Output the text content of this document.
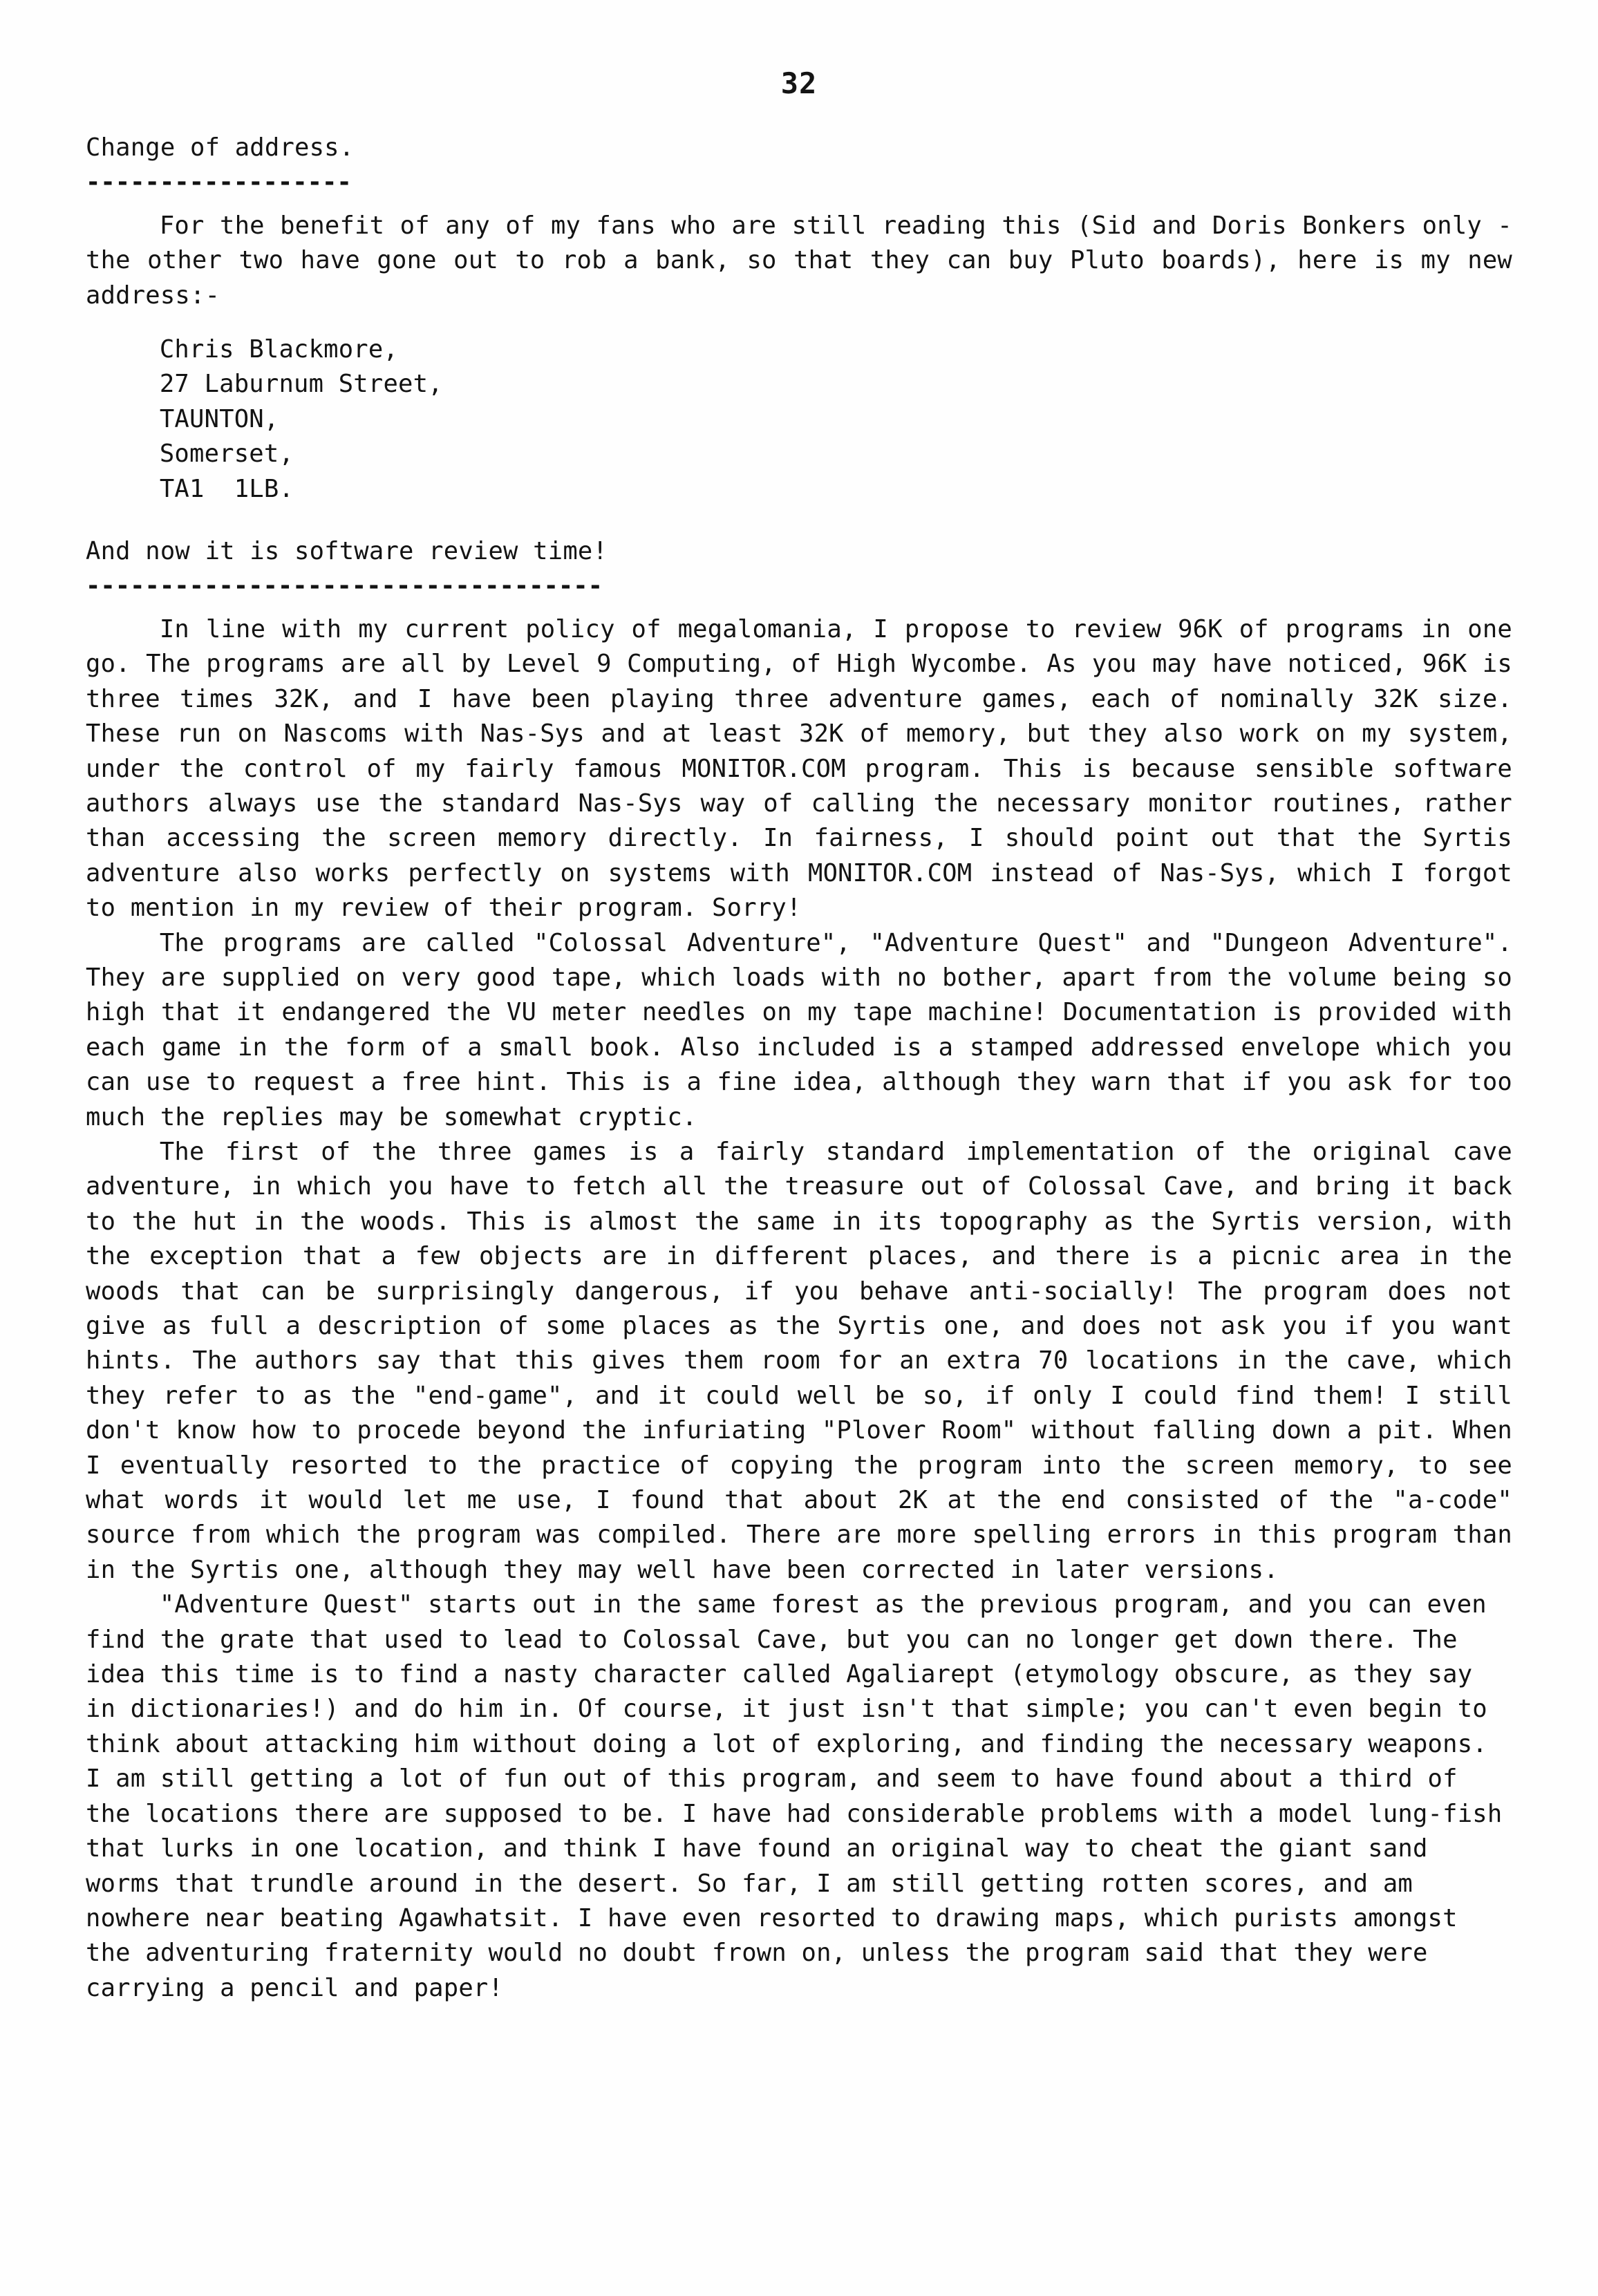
32
Change of address.
------------------

For the benefit of any of my fans who are still reading this (Sid and Doris Bonkers only - the other two have gone out to rob a bank, so that they can buy Pluto boards), here is my new address:-

Chris Blackmore,
27 Laburnum Street,
TAUNTON,
Somerset,
TA1  1LB.
And now it is software review time!
-----------------------------------

In line with my current policy of megalomania, I propose to review 96K of programs in one go. The programs are all by Level 9 Computing, of High Wycombe. As you may have noticed, 96K is three times 32K, and I have been playing three adventure games, each of nominally 32K size. These run on Nascoms with Nas-Sys and at least 32K of memory, but they also work on my system, under the control of my fairly famous MONITOR.COM program. This is because sensible software authors always use the standard Nas-Sys way of calling the necessary monitor routines, rather than accessing the screen memory directly. In fairness, I should point out that the Syrtis adventure also works perfectly on systems with MONITOR.COM instead of Nas-Sys, which I forgot to mention in my review of their program. Sorry!

The programs are called "Colossal Adventure", "Adventure Quest" and "Dungeon Adventure". They are supplied on very good tape, which loads with no bother, apart from the volume being so high that it endangered the VU meter needles on my tape machine! Documentation is provided with each game in the form of a small book. Also included is a stamped addressed envelope which you can use to request a free hint. This is a fine idea, although they warn that if you ask for too much the replies may be somewhat cryptic.

The first of the three games is a fairly standard implementation of the original cave adventure, in which you have to fetch all the treasure out of Colossal Cave, and bring it back to the hut in the woods. This is almost the same in its topography as the Syrtis version, with the exception that a few objects are in different places, and there is a picnic area in the woods that can be surprisingly dangerous, if you behave anti-socially! The program does not give as full a description of some places as the Syrtis one, and does not ask you if you want hints. The authors say that this gives them room for an extra 70 locations in the cave, which they refer to as the "end-game", and it could well be so, if only I could find them! I still don't know how to procede beyond the infuriating "Plover Room" without falling down a pit. When I eventually resorted to the practice of copying the program into the screen memory, to see what words it would let me use, I found that about 2K at the end consisted of the "a-code" source from which the program was compiled. There are more spelling errors in this program than in the Syrtis one, although they may well have been corrected in later versions.

"Adventure Quest" starts out in the same forest as the previous program, and you can even find the grate that used to lead to Colossal Cave, but you can no longer get down there. The idea this time is to find a nasty character called Agaliarept (etymology obscure, as they say in dictionaries!) and do him in. Of course, it just isn't that simple; you can't even begin to think about attacking him without doing a lot of exploring, and finding the necessary weapons. I am still getting a lot of fun out of this program, and seem to have found about a third of the locations there are supposed to be. I have had considerable problems with a model lung-fish that lurks in one location, and think I have found an original way to cheat the giant sand worms that trundle around in the desert. So far, I am still getting rotten scores, and am nowhere near beating Agawhatsit. I have even resorted to drawing maps, which purists amongst the adventuring fraternity would no doubt frown on, unless the program said that they were carrying a pencil and paper!
